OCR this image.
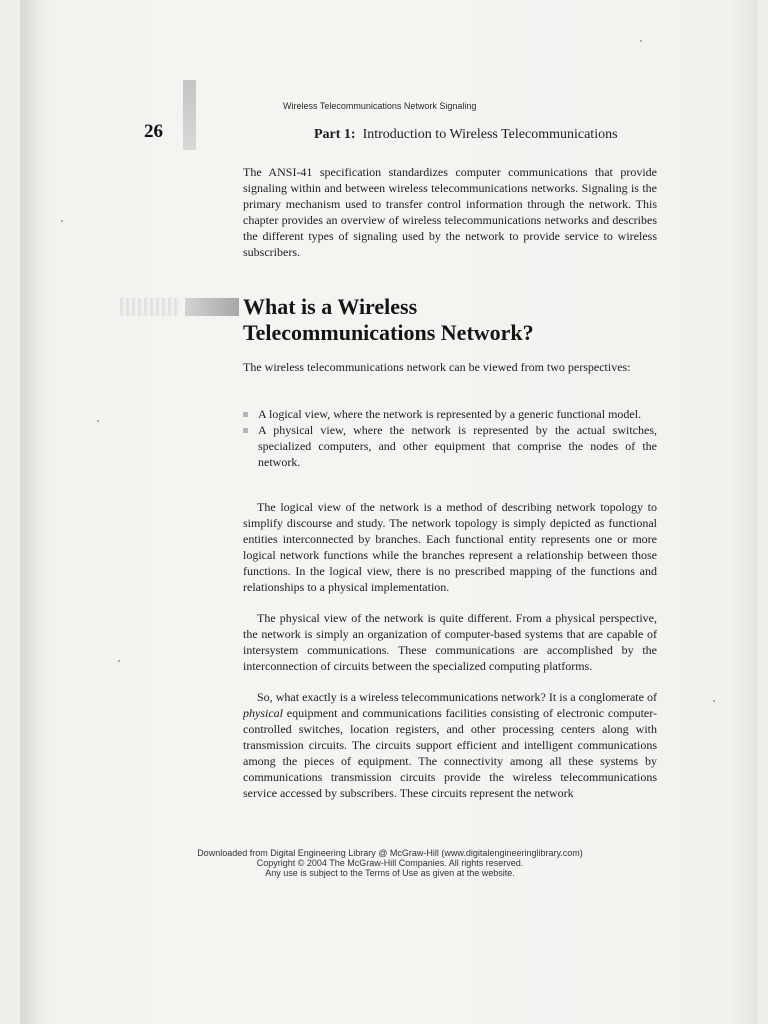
Wireless Telecommunications Network Signaling
26	Part 1: Introduction to Wireless Telecommunications

The ANSI-41 specification standardizes computer communications that provide signaling within and between wireless telecommunications networks. Signaling is the primary mechanism used to transfer control information through the network. This chapter provides an overview of wireless telecommunications networks and describes the different types of signaling used by the network to provide service to wireless subscribers.

What is a Wireless
Telecommunications Network?

The wireless telecommunications network can be viewed from two perspectives:

A logical view, where the network is represented by a generic functional model.
A physical view, where the network is represented by the actual switches, specialized computers, and other equipment that comprise the nodes of the network.

The logical view of the network is a method of describing network topology to simplify discourse and study. The network topology is simply depicted as functional entities interconnected by branches. Each functional entity represents one or more logical network functions while the branches represent a relationship between those functions. In the logical view, there is no prescribed mapping of the functions and relationships to a physical implementation.

The physical view of the network is quite different. From a physical perspective, the network is simply an organization of computer-based systems that are capable of intersystem communications. These communications are accomplished by the interconnection of circuits between the specialized computing platforms.

So, what exactly is a wireless telecommunications network? It is a conglomerate of physical equipment and communications facilities consisting of electronic computer-controlled switches, location registers, and other processing centers along with transmission circuits. The circuits support efficient and intelligent communications among the pieces of equipment. The connectivity among all these systems by communications transmission circuits provide the wireless telecommunications service accessed by subscribers. These circuits represent the network

Downloaded from Digital Engineering Library @ McGraw-Hill (www.digitalengineeringlibrary.com)
Copyright © 2004 The McGraw-Hill Companies. All rights reserved.
Any use is subject to the Terms of Use as given at the website.
